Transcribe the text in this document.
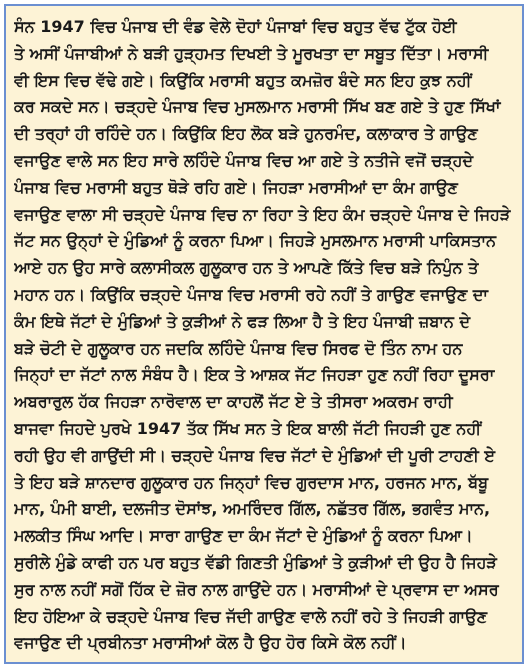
ਸੰਨ 1947 ਵਿਚ ਪੰਜਾਬ ਦੀ ਵੰਡ ਵੇਲੇ ਦੋਹਾਂ ਪੰਜਾਬਾਂ ਵਿਚ ਬਹੁਤ ਵੱਢ ਟੁੱਕ ਹੋਈ
ਤੇ ਅਸੀਂ ਪੰਜਾਬੀਆਂ ਨੇ ਬੜੀ ਹੁੜ੍ਹਮਤ ਦਿਖਈ ਤੇ ਮੂਰਖਤਾ ਦਾ ਸਬੂਤ ਦਿੱਤਾ। ਮਰਾਸੀ
ਵੀ ਇਸ ਵਿਚ ਵੱਢੇ ਗਏ। ਕਿਉਂਕਿ ਮਰਾਸੀ ਬਹੁਤ ਕਮਜ਼ੋਰ ਬੰਦੇ ਸਨ ਇਹ ਕੁਝ ਨਹੀਂ
ਕਰ ਸਕਦੇ ਸਨ। ਚੜ੍ਹਦੇ ਪੰਜਾਬ ਵਿਚ ਮੁਸਲਮਾਨ ਮਰਾਸੀ ਸਿੱਖ ਬਣ ਗਏ ਤੇ ਹੁਣ ਸਿੱਖਾਂ
ਦੀ ਤਰ੍ਹਾਂ ਹੀ ਰਹਿੰਦੇ ਹਨ। ਕਿਉਂਕਿ ਇਹ ਲੋਕ ਬੜੇ ਹੁਨਰਮੰਦ, ਕਲਾਕਾਰ ਤੇ ਗਾਉਣ
ਵਜਾਉਣ ਵਾਲੇ ਸਨ ਇਹ ਸਾਰੇ ਲਹਿੰਦੇ ਪੰਜਾਬ ਵਿਚ ਆ ਗਏ ਤੇ ਨਤੀਜੇ ਵਜੋਂ ਚੜ੍ਹਦੇ
ਪੰਜਾਬ ਵਿਚ ਮਰਾਸੀ ਬਹੁਤ ਥੋੜੇ ਰਹਿ ਗਏ। ਜਿਹੜਾ ਮਰਾਸੀਆਂ ਦਾ ਕੰਮ ਗਾਉਣ
ਵਜਾਉਣ ਵਾਲਾ ਸੀ ਚੜ੍ਹਦੇ ਪੰਜਾਬ ਵਿਚ ਨਾ ਰਿਹਾ ਤੇ ਇਹ ਕੰਮ ਚੜ੍ਹਦੇ ਪੰਜਾਬ ਦੇ ਜਿਹੜੇ
ਜੱਟ ਸਨ ਉਨ੍ਹਾਂ ਦੇ ਮੁੰਡਿਆਂ ਨੂੰ ਕਰਨਾ ਪਿਆ। ਜਿਹੜੇ ਮੁਸਲਮਾਨ ਮਰਾਸੀ ਪਾਕਿਸਤਾਨ
ਆਏ ਹਨ ਉਹ ਸਾਰੇ ਕਲਾਸੀਕਲ ਗੁਲੂਕਾਰ ਹਨ ਤੇ ਆਪਣੇ ਕਿੱਤੇ ਵਿਚ ਬੜੇ ਨਿਪੁੰਨ ਤੇ
ਮਹਾਨ ਹਨ। ਕਿਉਂਕਿ ਚੜ੍ਹਦੇ ਪੰਜਾਬ ਵਿਚ ਮਰਾਸੀ ਰਹੇ ਨਹੀਂ ਤੇ ਗਾਉਣ ਵਜਾਉਣ ਦਾ
ਕੰਮ ਇਥੇ ਜੱਟਾਂ ਦੇ ਮੁੰਡਿਆਂ ਤੇ ਕੁੜੀਆਂ ਨੇ ਫੜ ਲਿਆ ਹੈ ਤੇ ਇਹ ਪੰਜਾਬੀ ਜ਼ਬਾਨ ਦੇ
ਬੜੇ ਚੋਟੀ ਦੇ ਗੁਲੂਕਾਰ ਹਨ ਜਦਕਿ ਲਹਿੰਦੇ ਪੰਜਾਬ ਵਿਚ ਸਿਰਫ ਦੋ ਤਿੰਨ ਨਾਮ ਹਨ
ਜਿਨ੍ਹਾਂ ਦਾ ਜੱਟਾਂ ਨਾਲ ਸੰਬੰਧ ਹੈ। ਇਕ ਤੇ ਆਸ਼ਕ ਜੱਟ ਜਿਹੜਾ ਹੁਣ ਨਹੀਂ ਰਿਹਾ ਦੂਸਰਾ
ਅਬਰਾਰੁਲ ਹੱਕ ਜਿਹੜਾ ਨਾਰੋਵਾਲ ਦਾ ਕਾਹਲੋਂ ਜੱਟ ਏ ਤੇ ਤੀਸਰਾ ਅਕਰਮ ਰਾਹੀ
ਬਾਜਵਾ ਜਿਹਦੇ ਪੁਰਖੇ 1947 ਤੱਕ ਸਿੱਖ ਸਨ ਤੇ ਇਕ ਬਾਲੀ ਜੱਟੀ ਜਿਹੜੀ ਹੁਣ ਨਹੀਂ
ਰਹੀ ਉਹ ਵੀ ਗਾਉਂਦੀ ਸੀ। ਚੜ੍ਹਦੇ ਪੰਜਾਬ ਵਿਚ ਜੱਟਾਂ ਦੇ ਮੁੰਡਿਆਂ ਦੀ ਪੂਰੀ ਟਾਹਣੀ ਏ
ਤੇ ਇਹ ਬੜੇ ਸ਼ਾਨਦਾਰ ਗੁਲੂਕਾਰ ਹਨ ਜਿਨ੍ਹਾਂ ਵਿਚ ਗੁਰਦਾਸ ਮਾਨ, ਹਰਜਨ ਮਾਨ, ਬੱਬੂ
ਮਾਨ, ਪੰਮੀ ਬਾਈ, ਦਲਜੀਤ ਦੋਸਾਂਝ, ਅਮਰਿੰਦਰ ਗਿੱਲ, ਨਛੱਤਰ ਗਿੱਲ, ਭਗਵੰਤ ਮਾਨ,
ਮਲਕੀਤ ਸਿੰਘ ਆਦਿ। ਸਾਰਾ ਗਾਉਣ ਦਾ ਕੰਮ ਜੱਟਾਂ ਦੇ ਮੁੰਡਿਆਂ ਨੂੰ ਕਰਨਾ ਪਿਆ।
ਸੁਰੀਲੇ ਮੁੰਡੇ ਕਾਫੀ ਹਨ ਪਰ ਬਹੁਤ ਵੱਡੀ ਗਿਣਤੀ ਮੁੰਡਿਆਂ ਤੇ ਕੁੜੀਆਂ ਦੀ ਉਹ ਹੈ ਜਿਹੜੇ
ਸੁਰ ਨਾਲ ਨਹੀਂ ਸਗੋਂ ਹਿੱਕ ਦੇ ਜ਼ੋਰ ਨਾਲ ਗਾਉਂਦੇ ਹਨ। ਮਰਾਸੀਆਂ ਦੇ ਪ੍ਰਵਾਸ ਦਾ ਅਸਰ
ਇਹ ਹੋਇਆ ਕੇ ਚੜ੍ਹਦੇ ਪੰਜਾਬ ਵਿਚ ਜੱਦੀ ਗਾਉਣ ਵਾਲੇ ਨਹੀਂ ਰਹੇ ਤੇ ਜਿਹੜੀ ਗਾਉਣ
ਵਜਾਉਣ ਦੀ ਪ੍ਰਬੀਨਤਾ ਮਰਾਸੀਆਂ ਕੋਲ ਹੈ ਉਹ ਹੋਰ ਕਿਸੇ ਕੋਲ ਨਹੀਂ।
